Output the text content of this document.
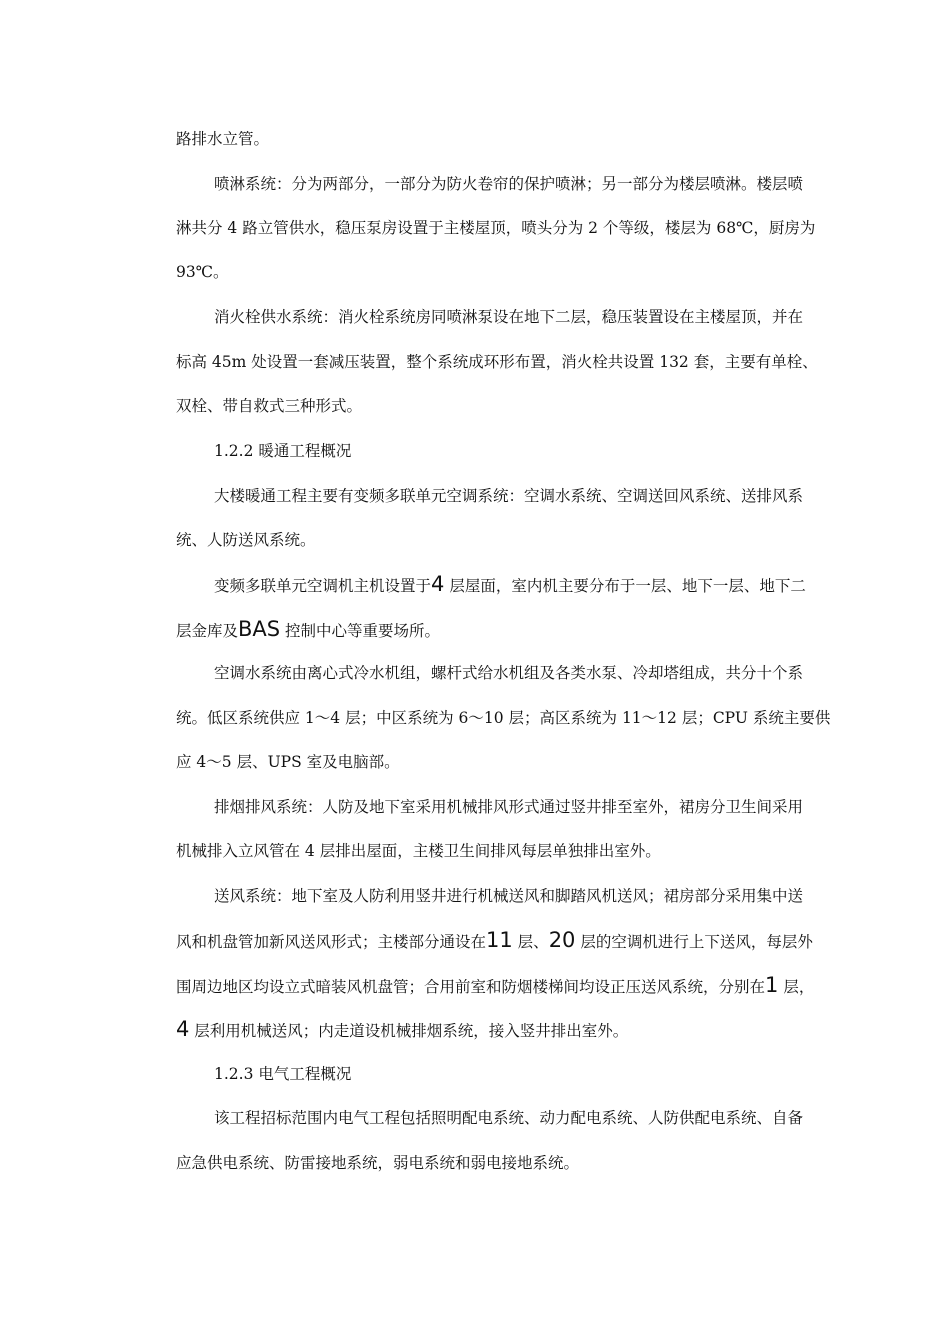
路排水立管。

喷淋系统：分为两部分，一部分为防火卷帘的保护喷淋；另一部分为楼层喷淋。楼层喷

淋共分 4 路立管供水，稳压泵房设置于主楼屋顶，喷头分为 2 个等级，楼层为 68℃，厨房为

93℃。

消火栓供水系统：消火栓系统房同喷淋泵设在地下二层，稳压装置设在主楼屋顶，并在

标高 45m 处设置一套减压装置，整个系统成环形布置，消火栓共设置 132 套，主要有单栓、

双栓、带自救式三种形式。

1.2.2 暖通工程概况

大楼暖通工程主要有变频多联单元空调系统：空调水系统、空调送回风系统、送排风系

统、人防送风系统。

变频多联单元空调机主机设置于4 层屋面，室内机主要分布于一层、地下一层、地下二

层金库及BAS 控制中心等重要场所。

空调水系统由离心式冷水机组，螺杆式给水机组及各类水泵、冷却塔组成，共分十个系

统。低区系统供应 1～4 层；中区系统为 6～10 层；高区系统为 11～12 层；CPU 系统主要供

应 4～5 层、UPS 室及电脑部。

排烟排风系统：人防及地下室采用机械排风形式通过竖井排至室外，裙房分卫生间采用

机械排入立风管在 4 层排出屋面，主楼卫生间排风每层单独排出室外。

送风系统：地下室及人防利用竖井进行机械送风和脚踏风机送风；裙房部分采用集中送

风和机盘管加新风送风形式；主楼部分通设在11 层、20 层的空调机进行上下送风，每层外

围周边地区均设立式暗装风机盘管；合用前室和防烟楼梯间均设正压送风系统，分别在1 层，

4 层利用机械送风；内走道设机械排烟系统，接入竖井排出室外。

1.2.3 电气工程概况

该工程招标范围内电气工程包括照明配电系统、动力配电系统、人防供配电系统、自备

应急供电系统、防雷接地系统，弱电系统和弱电接地系统。
